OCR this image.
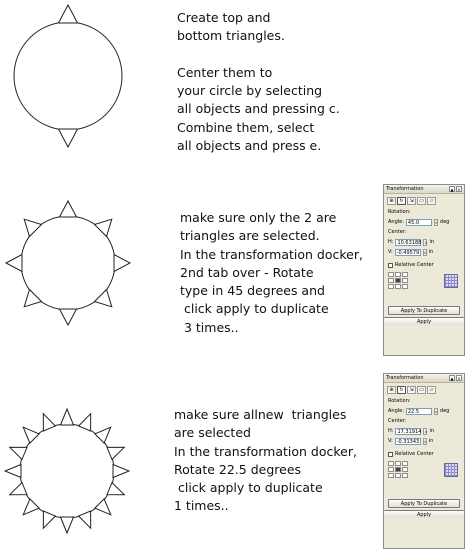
Create top and
bottom triangles.
Center them to
your circle by selecting
all objects and pressing c.
Combine them, select
all objects and press e.
make sure only the 2 are
triangles are selected.
In the transformation docker,
2nd tab over - Rotate
type in 45 degrees and
click apply to duplicate
3 times..
make sure allnew  triangles
are selected
In the transformation docker,
Rotate 22.5 degrees
click apply to duplicate
1 times..
Transformation	▲ ×
⊕	↻	⇲	▭	▱
Rotation:
Angle: 45.0	⇕ deg
Center:
H: 10.63188	⇕ in
V: -0.49579	⇕ in
Relative Center
Apply To Duplicate
Apply
Transformation	▲ ×
⊕	↻	⇲	▭	▱
Rotation:
Angle: 22.5	⇕ deg
Center:
H: 17.31914	⇕ in
V: -0.31343	⇕ in
Relative Center
Apply To Duplicate
Apply
